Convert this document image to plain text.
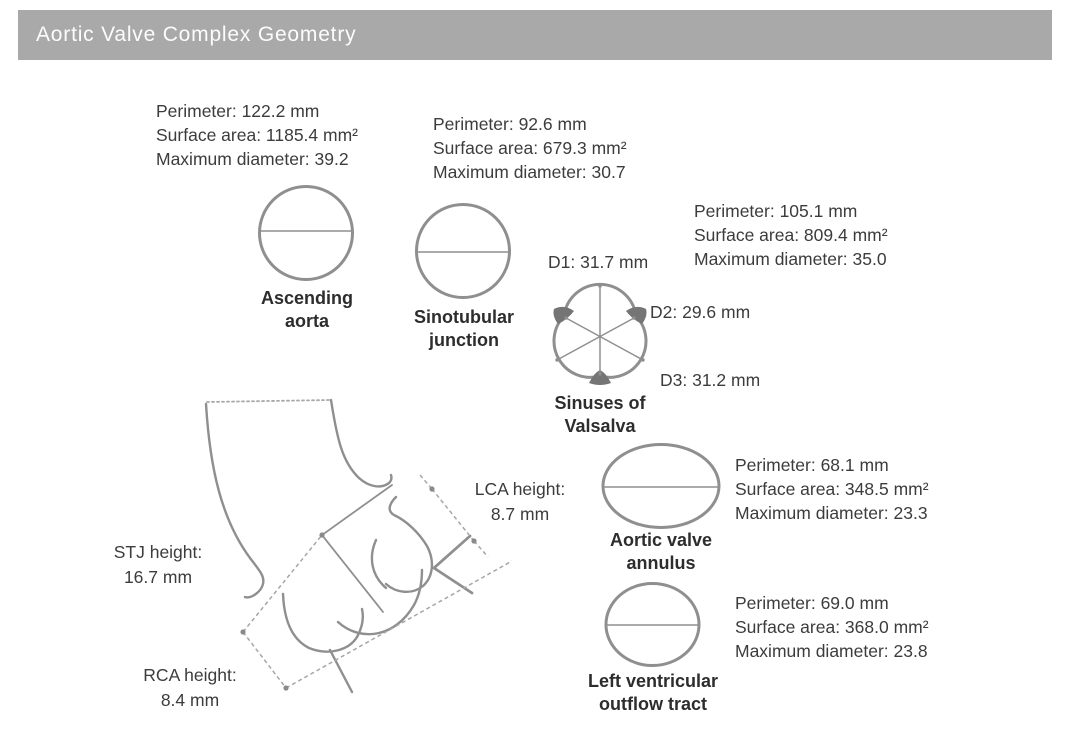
Aortic Valve Complex Geometry
Perimeter: 122.2 mm
Surface area: 1185.4 mm²
Maximum diameter: 39.2
Perimeter: 92.6 mm
Surface area: 679.3 mm²
Maximum diameter: 30.7
Perimeter: 105.1 mm
Surface area: 809.4 mm²
Maximum diameter: 35.0
Perimeter: 68.1 mm
Surface area: 348.5 mm²
Maximum diameter: 23.3
Perimeter: 69.0 mm
Surface area: 368.0 mm²
Maximum diameter: 23.8
Ascending
aorta	Sinotubular
junction
Sinuses of
Valsalva
D1: 31.7 mm
D2: 29.6 mm
D3: 31.2 mm
Aortic valve
annulus
Left ventricular
outflow tract
STJ height:
16.7 mm
LCA height:
8.7 mm
RCA height:
8.4 mm
